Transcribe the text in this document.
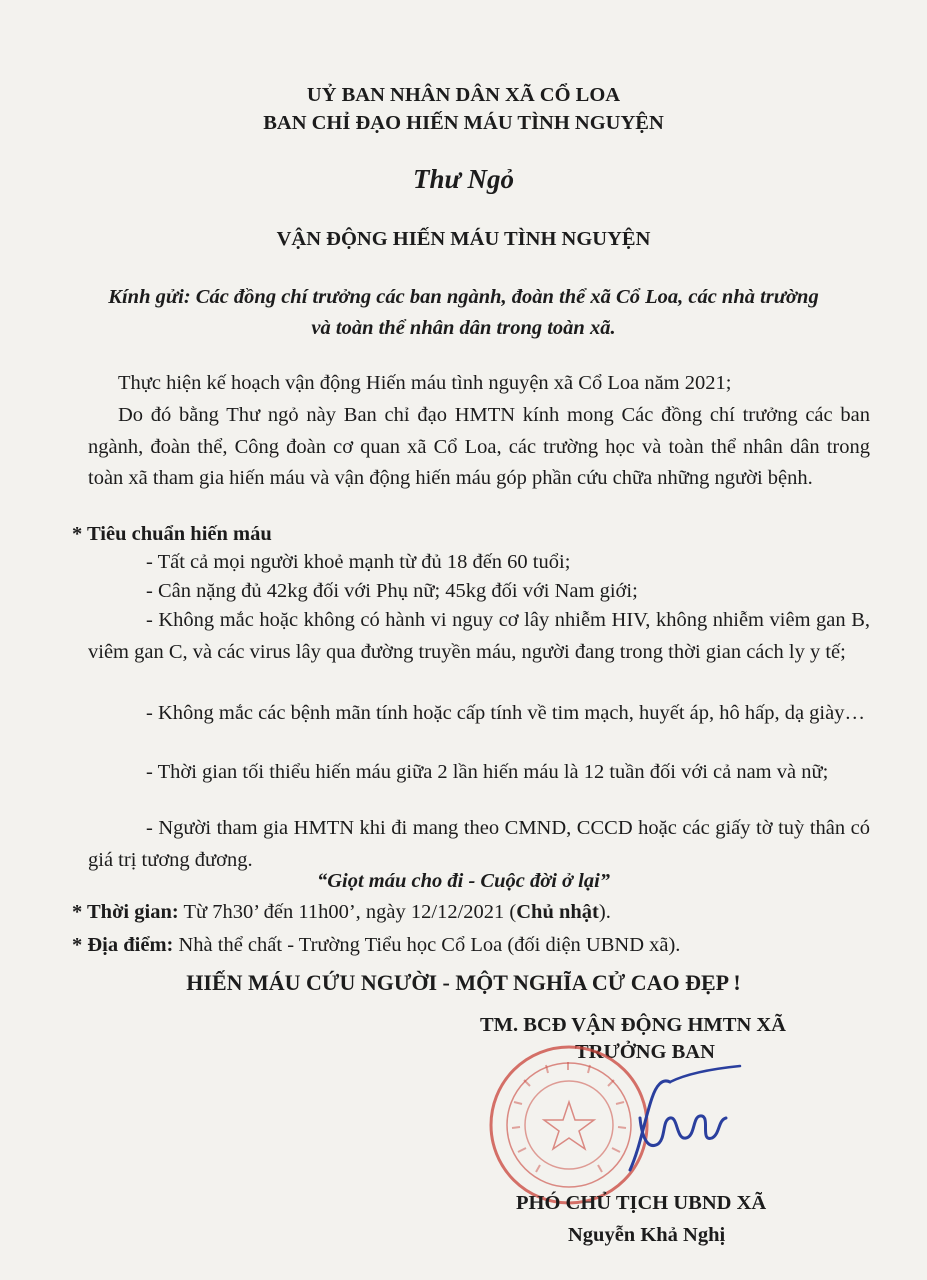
UỶ BAN NHÂN DÂN XÃ CỔ LOA
BAN CHỈ ĐẠO HIẾN MÁU TÌNH NGUYỆN
Thư Ngỏ
VẬN ĐỘNG HIẾN MÁU TÌNH NGUYỆN
Kính gửi: Các đồng chí trưởng các ban ngành, đoàn thể xã Cổ Loa, các nhà trường
và toàn thể nhân dân trong toàn xã.
Thực hiện kế hoạch vận động Hiến máu tình nguyện xã Cổ Loa năm 2021;
Do đó bằng Thư ngỏ này Ban chỉ đạo HMTN kính mong Các đồng chí trưởng các ban ngành, đoàn thể, Công đoàn cơ quan xã Cổ Loa, các trường học và toàn thể nhân dân trong toàn xã tham gia hiến máu và vận động hiến máu góp phần cứu chữa những người bệnh.
* Tiêu chuẩn hiến máu
- Tất cả mọi người khoẻ mạnh từ đủ 18 đến 60 tuổi;
- Cân nặng đủ 42kg đối với Phụ nữ; 45kg đối với Nam giới;
- Không mắc hoặc không có hành vi nguy cơ lây nhiễm HIV, không nhiễm viêm gan B, viêm gan C, và các virus lây qua đường truyền máu, người đang trong thời gian cách ly y tế;
- Không mắc các bệnh mãn tính hoặc cấp tính về tim mạch, huyết áp, hô hấp, dạ giày…
- Thời gian tối thiểu hiến máu giữa 2 lần hiến máu là 12 tuần đối với cả nam và nữ;
- Người tham gia HMTN khi đi mang theo CMND, CCCD hoặc các giấy tờ tuỳ thân có giá trị tương đương.
“Giọt máu cho đi - Cuộc đời ở lại”
* Thời gian: Từ 7h30’ đến 11h00’, ngày 12/12/2021 (Chủ nhật).
* Địa điểm: Nhà thể chất - Trường Tiểu học Cổ Loa (đối diện UBND xã).
HIẾN MÁU CỨU NGƯỜI - MỘT NGHĨA CỬ CAO ĐẸP !
TM. BCĐ VẬN ĐỘNG HMTN XÃ
TRƯỞNG BAN
PHÓ CHỦ TỊCH UBND XÃ
Nguyễn Khả Nghị
